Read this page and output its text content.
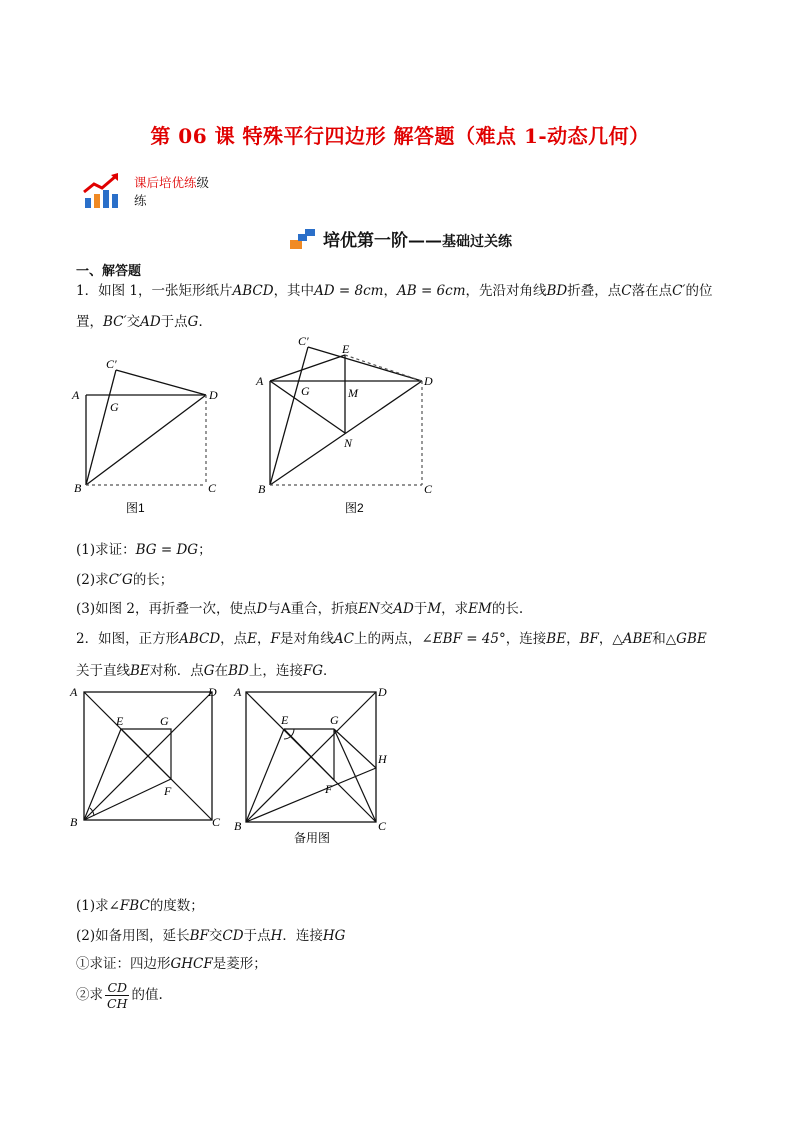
第 06 课 特殊平行四边形 解答题（难点 1-动态几何）
课后培优练级
练
培优第一阶——基础过关练
一、解答题
1．如图 1，一张矩形纸片ABCD，其中AD = 8cm，AB = 6cm，先沿对角线BD折叠，点C落在点C′的位
置，BC′交AD于点G．
A
B	C
D
G
C′
图1
A
B	C
D
G
C′
E
M
N
图2
(1)求证：BG = DG；
(2)求C′G的长；
(3)如图 2，再折叠一次，使点D与A重合，折痕EN交AD于M，求EM的长.
2．如图，正方形ABCD，点E，F是对角线AC上的两点，∠EBF = 45°，连接BE，BF，△ABE和△GBE
关于直线BE对称．点G在BD上，连接FG．
A
B	C
D
E	G
F
A
B	C
D
E	G
H
F
备用图
(1)求∠FBC的度数；
(2)如备用图，延长BF交CD于点H．连接HG
①求证：四边形GHCF是菱形；
②求 $\frac{CD}{CH}$ 的值.
